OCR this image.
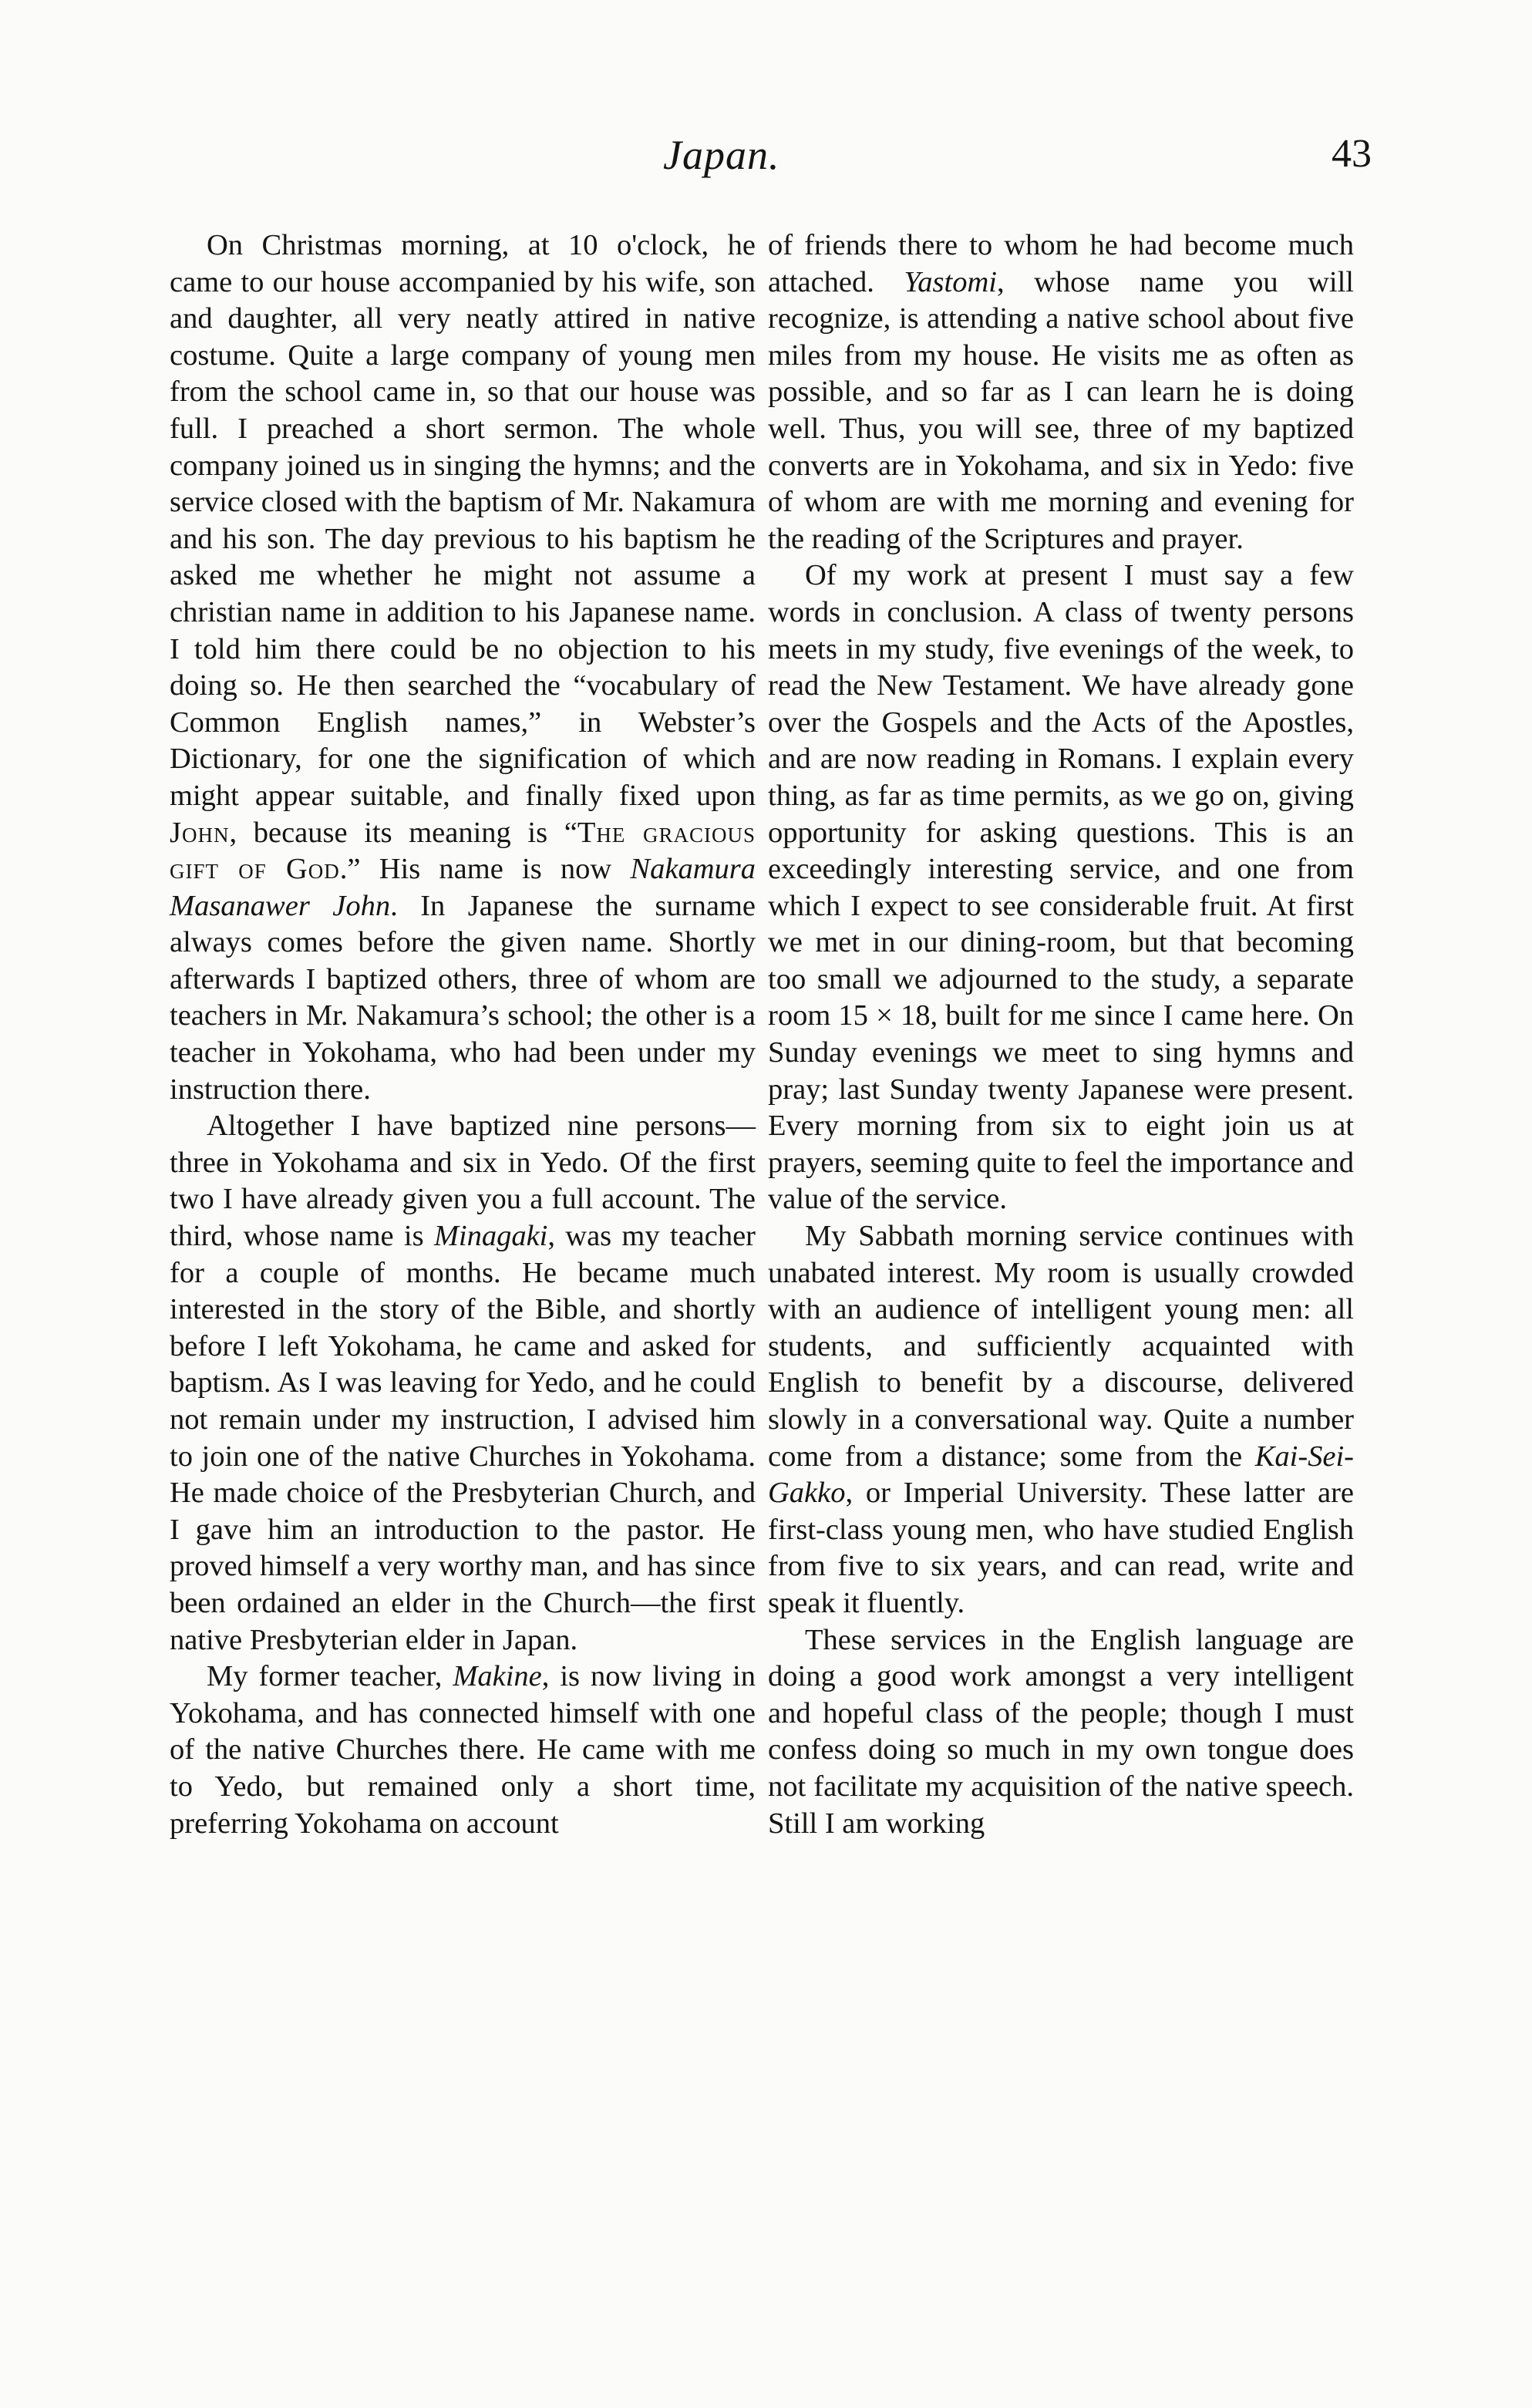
Japan.	43

On Christmas morning, at 10 o'clock, he came to our house accompanied by his wife, son and daughter, all very neatly attired in native costume. Quite a large company of young men from the school came in, so that our house was full. I preached a short sermon. The whole company joined us in singing the hymns; and the service closed with the baptism of Mr. Nakamura and his son. The day previous to his baptism he asked me whether he might not assume a christian name in addition to his Japanese name. I told him there could be no objection to his doing so. He then searched the “vocabulary of Common English names,” in Webster’s Dictionary, for one the signification of which might appear suitable, and finally fixed upon John, because its meaning is “The gracious gift of God.” His name is now Nakamura Masanawer John. In Japanese the surname always comes before the given name. Shortly afterwards I baptized others, three of whom are teachers in Mr. Nakamura’s school; the other is a teacher in Yokohama, who had been under my instruction there.

Altogether I have baptized nine persons—three in Yokohama and six in Yedo. Of the first two I have already given you a full account. The third, whose name is Minagaki, was my teacher for a couple of months. He became much interested in the story of the Bible, and shortly before I left Yokohama, he came and asked for baptism. As I was leaving for Yedo, and he could not remain under my instruction, I advised him to join one of the native Churches in Yokohama. He made choice of the Presbyterian Church, and I gave him an introduction to the pastor. He proved himself a very worthy man, and has since been ordained an elder in the Church—the first native Presbyterian elder in Japan.

My former teacher, Makine, is now living in Yokohama, and has connected himself with one of the native Churches there. He came with me to Yedo, but remained only a short time, preferring Yokohama on account

of friends there to whom he had become much attached. Yastomi, whose name you will recognize, is attending a native school about five miles from my house. He visits me as often as possible, and so far as I can learn he is doing well. Thus, you will see, three of my baptized converts are in Yokohama, and six in Yedo: five of whom are with me morning and evening for the reading of the Scriptures and prayer.

Of my work at present I must say a few words in conclusion. A class of twenty persons meets in my study, five evenings of the week, to read the New Testament. We have already gone over the Gospels and the Acts of the Apostles, and are now reading in Romans. I explain every thing, as far as time permits, as we go on, giving opportunity for asking questions. This is an exceedingly interesting service, and one from which I expect to see considerable fruit. At first we met in our dining-room, but that becoming too small we adjourned to the study, a separate room 15 × 18, built for me since I came here. On Sunday evenings we meet to sing hymns and pray; last Sunday twenty Japanese were present. Every morning from six to eight join us at prayers, seeming quite to feel the importance and value of the service.

My Sabbath morning service continues with unabated interest. My room is usually crowded with an audience of intelligent young men: all students, and sufficiently acquainted with English to benefit by a discourse, delivered slowly in a conversational way. Quite a number come from a distance; some from the Kai-Sei-Gakko, or Imperial University. These latter are first-class young men, who have studied English from five to six years, and can read, write and speak it fluently.

These services in the English language are doing a good work amongst a very intelligent and hopeful class of the people; though I must confess doing so much in my own tongue does not facilitate my acquisition of the native speech. Still I am working
